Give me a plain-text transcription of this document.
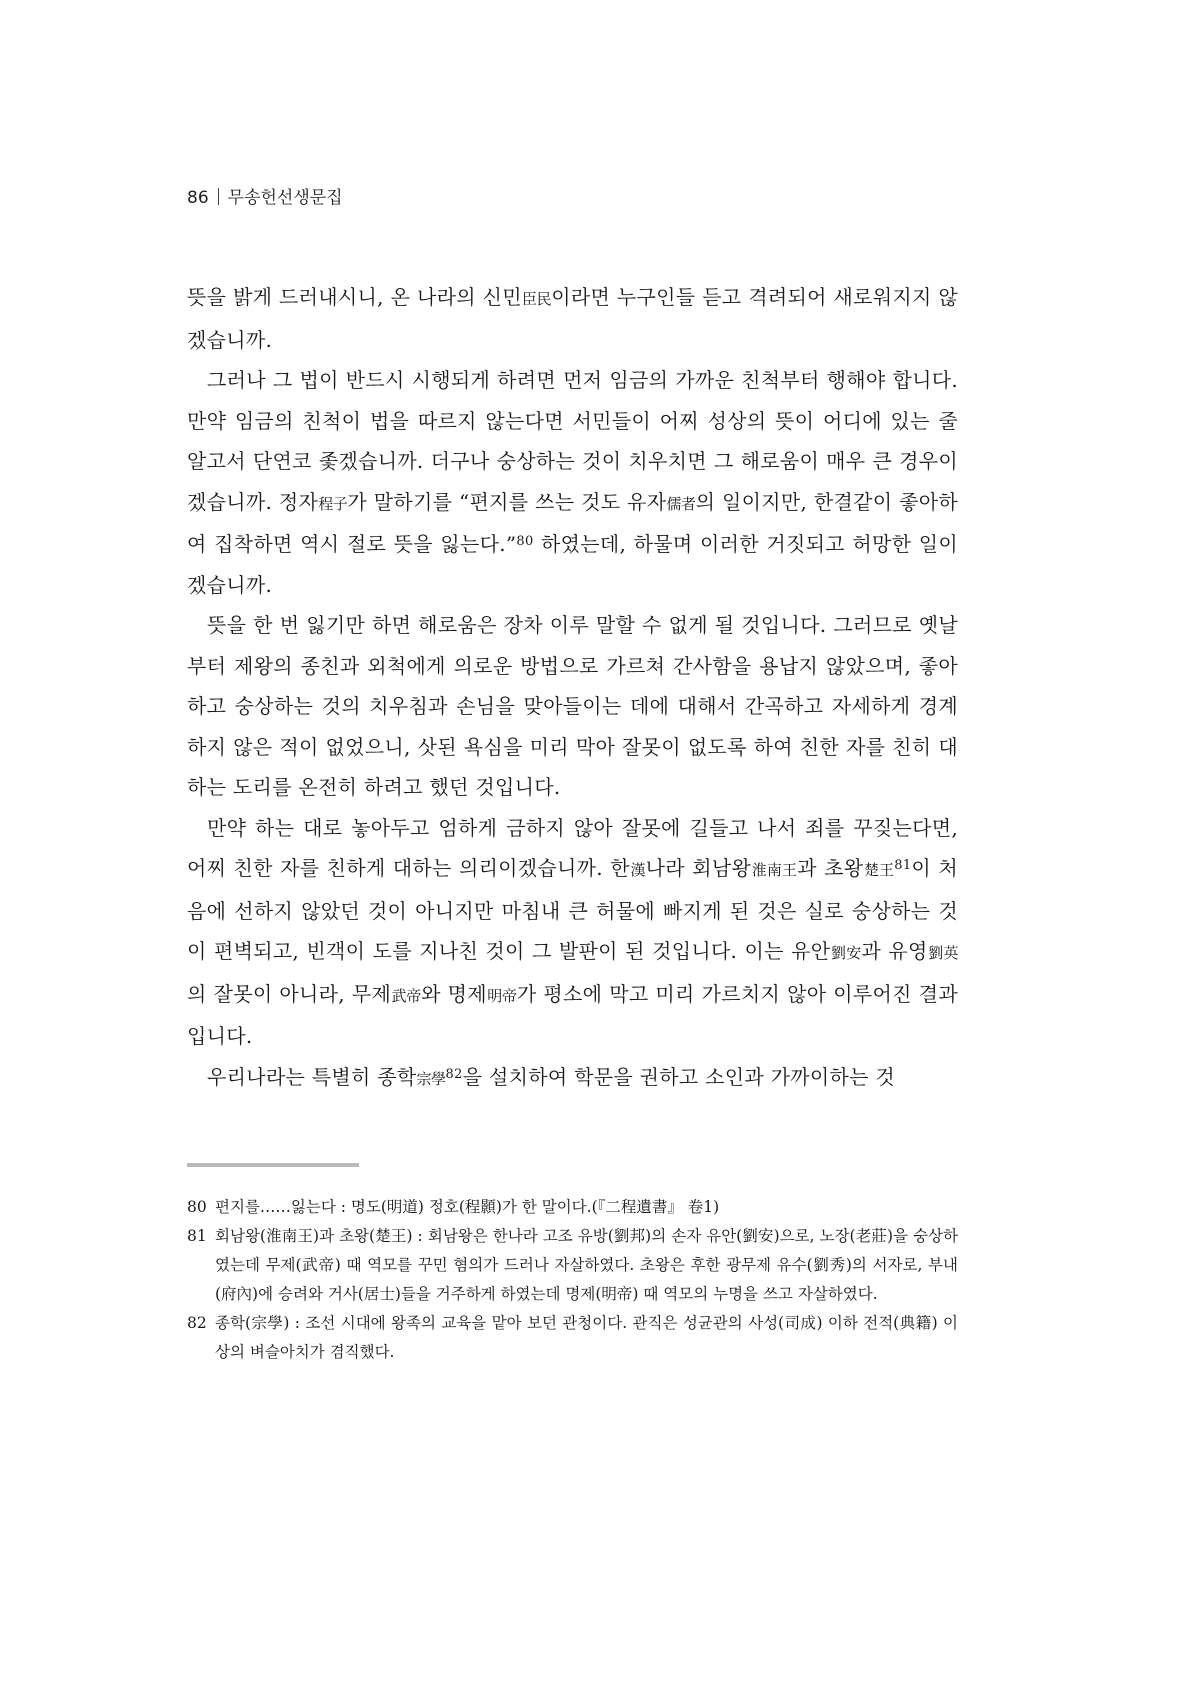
86 무송헌선생문집

뜻을 밝게 드러내시니, 온 나라의 신민臣民이라면 누구인들 듣고 격려되어 새로워지지 않겠습니까.

그러나 그 법이 반드시 시행되게 하려면 먼저 임금의 가까운 친척부터 행해야 합니다. 만약 임금의 친척이 법을 따르지 않는다면 서민들이 어찌 성상의 뜻이 어디에 있는 줄 알고서 단연코 좇겠습니까. 더구나 숭상하는 것이 치우치면 그 해로움이 매우 큰 경우이겠습니까. 정자程子가 말하기를 “편지를 쓰는 것도 유자儒者의 일이지만, 한결같이 좋아하여 집착하면 역시 절로 뜻을 잃는다.”$^{80}$ 하였는데, 하물며 이러한 거짓되고 허망한 일이겠습니까.

뜻을 한 번 잃기만 하면 해로움은 장차 이루 말할 수 없게 될 것입니다. 그러므로 옛날부터 제왕의 종친과 외척에게 의로운 방법으로 가르쳐 간사함을 용납지 않았으며, 좋아하고 숭상하는 것의 치우침과 손님을 맞아들이는 데에 대해서 간곡하고 자세하게 경계하지 않은 적이 없었으니, 삿된 욕심을 미리 막아 잘못이 없도록 하여 친한 자를 친히 대하는 도리를 온전히 하려고 했던 것입니다.

만약 하는 대로 놓아두고 엄하게 금하지 않아 잘못에 길들고 나서 죄를 꾸짖는다면, 어찌 친한 자를 친하게 대하는 의리이겠습니까. 한漢나라 회남왕淮南王과 초왕楚王$^{81}$이 처음에 선하지 않았던 것이 아니지만 마침내 큰 허물에 빠지게 된 것은 실로 숭상하는 것이 편벽되고, 빈객이 도를 지나친 것이 그 발판이 된 것입니다. 이는 유안劉安과 유영劉英의 잘못이 아니라, 무제武帝와 명제明帝가 평소에 막고 미리 가르치지 않아 이루어진 결과입니다.

우리나라는 특별히 종학宗學$^{82}$을 설치하여 학문을 권하고 소인과 가까이하는 것

80 편지를……잃는다 : 명도(明道) 정호(程顥)가 한 말이다.(『二程遺書』 卷1)

81 회남왕(淮南王)과 초왕(楚王) : 회남왕은 한나라 고조 유방(劉邦)의 손자 유안(劉安)으로, 노장(老莊)을 숭상하였는데 무제(武帝) 때 역모를 꾸민 혐의가 드러나 자살하였다. 초왕은 후한 광무제 유수(劉秀)의 서자로, 부내(府內)에 승려와 거사(居士)들을 거주하게 하였는데 명제(明帝) 때 역모의 누명을 쓰고 자살하였다.

82 종학(宗學) : 조선 시대에 왕족의 교육을 맡아 보던 관청이다. 관직은 성균관의 사성(司成) 이하 전적(典籍) 이상의 벼슬아치가 겸직했다.
